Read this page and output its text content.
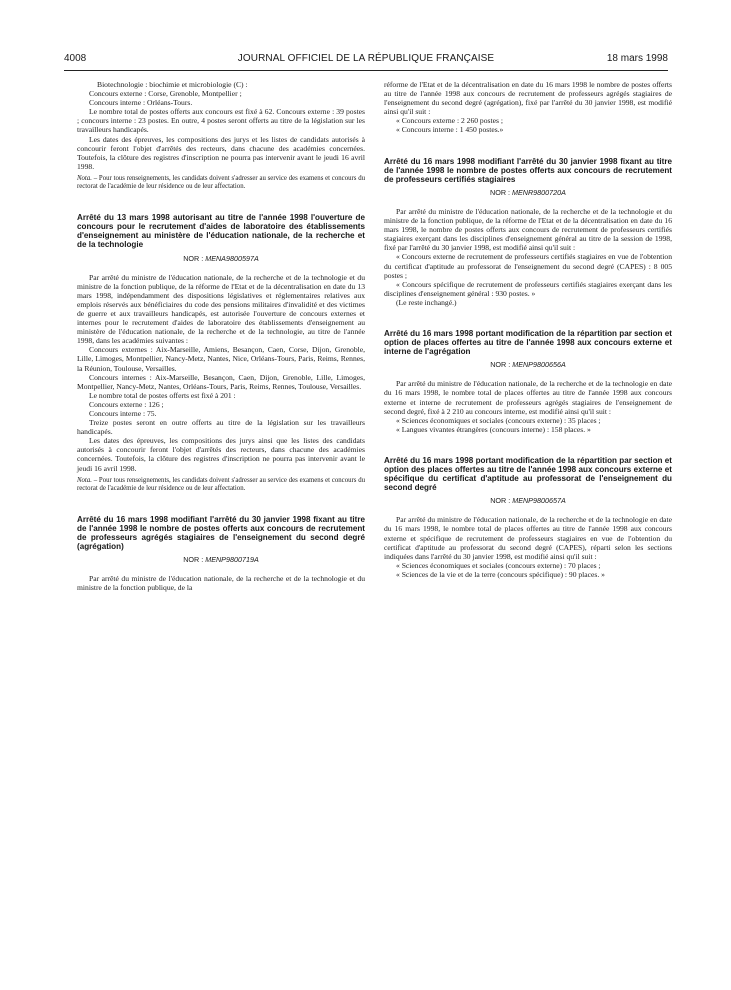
4008	JOURNAL OFFICIEL DE LA RÉPUBLIQUE FRANÇAISE	18 mars 1998

Biotechnologie : biochimie et microbiologie (C) :

Concours externe : Corse, Grenoble, Montpellier ;

Concours interne : Orléans-Tours.

Le nombre total de postes offerts aux concours est fixé à 62. Concours externe : 39 postes ; concours interne : 23 postes. En outre, 4 postes seront offerts au titre de la législation sur les travailleurs handicapés.

Les dates des épreuves, les compositions des jurys et les listes de candidats autorisés à concourir feront l'objet d'arrêtés des recteurs, dans chacune des académies concernées. Toutefois, la clôture des registres d'inscription ne pourra pas intervenir avant le jeudi 16 avril 1998.

Nota. – Pour tous renseignements, les candidats doivent s'adresser au service des examens et concours du rectorat de l'académie de leur résidence ou de leur affectation.

Arrêté du 13 mars 1998 autorisant au titre de l'année 1998 l'ouverture de concours pour le recrutement d'aides de laboratoire des établissements d'enseignement au ministère de l'éducation nationale, de la recherche et de la technologie

NOR : MENA9800597A

Par arrêté du ministre de l'éducation nationale, de la recherche et de la technologie et du ministre de la fonction publique, de la réforme de l'Etat et de la décentralisation en date du 13 mars 1998, indépendamment des dispositions législatives et réglementaires relatives aux emplois réservés aux bénéficiaires du code des pensions militaires d'invalidité et des victimes de guerre et aux travailleurs handicapés, est autorisée l'ouverture de concours externes et internes pour le recrutement d'aides de laboratoire des établissements d'enseignement au ministère de l'éducation nationale, de la recherche et de la technologie, au titre de l'année 1998, dans les académies suivantes :

Concours externes : Aix-Marseille, Amiens, Besançon, Caen, Corse, Dijon, Grenoble, Lille, Limoges, Montpellier, Nancy-Metz, Nantes, Nice, Orléans-Tours, Paris, Reims, Rennes, la Réunion, Toulouse, Versailles.

Concours internes : Aix-Marseille, Besançon, Caen, Dijon, Grenoble, Lille, Limoges, Montpellier, Nancy-Metz, Nantes, Orléans-Tours, Paris, Reims, Rennes, Toulouse, Versailles.

Le nombre total de postes offerts est fixé à 201 :

Concours externe : 126 ;

Concours interne : 75.

Treize postes seront en outre offerts au titre de la législation sur les travailleurs handicapés.

Les dates des épreuves, les compositions des jurys ainsi que les listes des candidats autorisés à concourir feront l'objet d'arrêtés des recteurs, dans chacune des académies concernées. Toutefois, la clôture des registres d'inscription ne pourra pas intervenir avant le jeudi 16 avril 1998.

Nota. – Pour tous renseignements, les candidats doivent s'adresser au service des examens et concours du rectorat de l'académie de leur résidence ou de leur affectation.

Arrêté du 16 mars 1998 modifiant l'arrêté du 30 janvier 1998 fixant au titre de l'année 1998 le nombre de postes offerts aux concours de recrutement de professeurs agrégés stagiaires de l'enseignement du second degré (agrégation)

NOR : MENP9800719A

Par arrêté du ministre de l'éducation nationale, de la recherche et de la technologie et du ministre de la fonction publique, de la

réforme de l'Etat et de la décentralisation en date du 16 mars 1998 le nombre de postes offerts au titre de l'année 1998 aux concours de recrutement de professeurs agrégés stagiaires de l'enseignement du second degré (agrégation), fixé par l'arrêté du 30 janvier 1998, est modifié ainsi qu'il suit :

« Concours externe : 2 260 postes ;

« Concours interne : 1 450 postes.»

Arrêté du 16 mars 1998 modifiant l'arrêté du 30 janvier 1998 fixant au titre de l'année 1998 le nombre de postes offerts aux concours de recrutement de professeurs certifiés stagiaires

NOR : MENR9800720A

Par arrêté du ministre de l'éducation nationale, de la recherche et de la technologie et du ministre de la fonction publique, de la réforme de l'Etat et de la décentralisation en date du 16 mars 1998, le nombre de postes offerts aux concours de recrutement de professeurs certifiés stagiaires exerçant dans les disciplines d'enseignement général au titre de la session de 1998, fixé par l'arrêté du 30 janvier 1998, est modifié ainsi qu'il suit :

« Concours externe de recrutement de professeurs certifiés stagiaires en vue de l'obtention du certificat d'aptitude au professorat de l'enseignement du second degré (CAPES) : 8 005 postes ;

« Concours spécifique de recrutement de professeurs certifiés stagiaires exerçant dans les disciplines d'enseignement général : 930 postes. »

(Le reste inchangé.)

Arrêté du 16 mars 1998 portant modification de la répartition par section et option de places offertes au titre de l'année 1998 aux concours externe et interne de l'agrégation

NOR : MENP9800656A

Par arrêté du ministre de l'éducation nationale, de la recherche et de la technologie en date du 16 mars 1998, le nombre total de places offertes au titre de l'année 1998 aux concours externe et interne de recrutement de professeurs agrégés stagiaires de l'enseignement de second degré, fixé à 2 210 au concours interne, est modifié ainsi qu'il suit :

« Sciences économiques et sociales (concours externe) : 35 places ;

« Langues vivantes étrangères (concours interne) : 158 places. »

Arrêté du 16 mars 1998 portant modification de la répartition par section et option des places offertes au titre de l'année 1998 aux concours externe et spécifique du certificat d'aptitude au professorat de l'enseignement du second degré

NOR : MENP9800657A

Par arrêté du ministre de l'éducation nationale, de la recherche et de la technologie en date du 16 mars 1998, le nombre total de places offertes au titre de l'année 1998 aux concours externe et spécifique de recrutement de professeurs stagiaires en vue de l'obtention du certificat d'aptitude au professorat du second degré (CAPES), réparti selon les sections indiquées dans l'arrêté du 30 janvier 1998, est modifié ainsi qu'il suit :

« Sciences économiques et sociales (concours externe) : 70 places ;

« Sciences de la vie et de la terre (concours spécifique) : 90 places. »
